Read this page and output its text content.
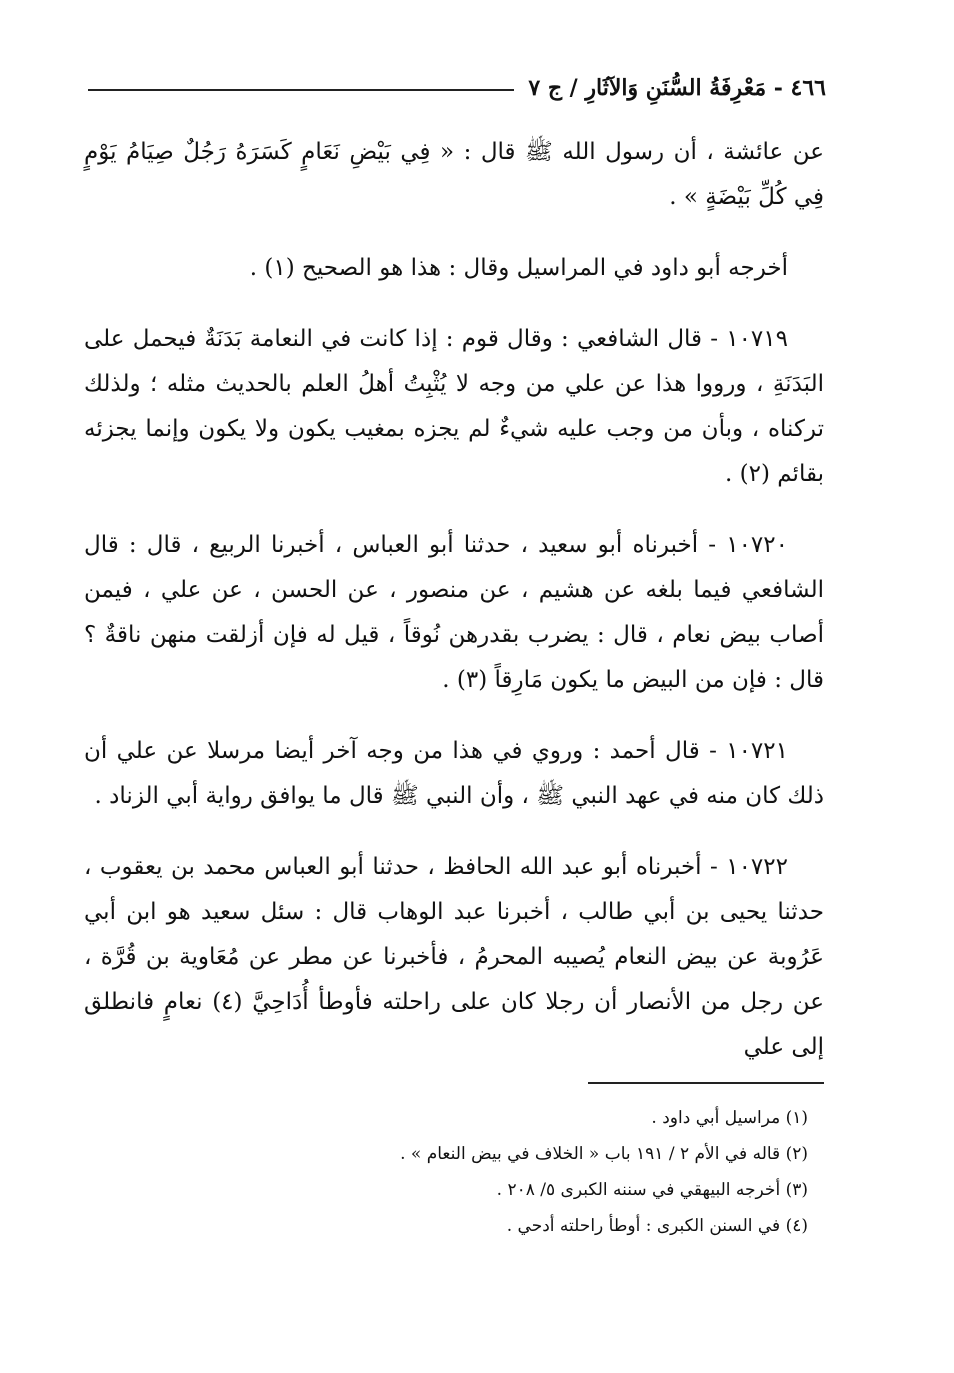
٤٦٦ - مَعْرِفَةُ السُّنَنِ وَالآثَارِ / ج ٧

عن عائشة ، أن رسول الله ﷺ قال : « فِي بَيْضِ نَعَامٍ كَسَرَهُ رَجُلٌ صِيَامُ يَوْمٍ فِي كُلِّ بَيْضَةٍ » .

أخرجه أبو داود في المراسيل وقال : هذا هو الصحيح (١) .

١٠٧١٩ - قال الشافعي : وقال قوم : إذا كانت في النعامة بَدَنَةٌ فيحمل على البَدَنَةِ ، ورووا هذا عن علي من وجه لا يُثْبِتُ أهلُ العلم بالحديث مثله ؛ ولذلك تركناه ، وبأن من وجب عليه شيءٌ لم يجزه بمغيب يكون ولا يكون وإنما يجزئه بقائم (٢) .

١٠٧٢٠ - أخبرناه أبو سعيد ، حدثنا أبو العباس ، أخبرنا الربيع ، قال : قال الشافعي فيما بلغه عن هشيم ، عن منصور ، عن الحسن ، عن علي ، فيمن أصاب بيض نعام ، قال : يضرب بقدرهن نُوقاً ، قيل له فإن أزلقت منهن ناقةٌ ؟ قال : فإن من البيض ما يكون مَارِقاً (٣) .

١٠٧٢١ - قال أحمد : وروي في هذا من وجه آخر أيضا مرسلا عن علي أن ذلك كان منه في عهد النبي ﷺ ، وأن النبي ﷺ قال ما يوافق رواية أبي الزناد .

١٠٧٢٢ - أخبرناه أبو عبد الله الحافظ ، حدثنا أبو العباس محمد بن يعقوب ، حدثنا يحيى بن أبي طالب ، أخبرنا عبد الوهاب قال : سئل سعيد هو ابن أبي عَرُوبة عن بيض النعام يُصيبه المحرمُ ، فأخبرنا عن مطر عن مُعَاوية بن قُرَّة ، عن رجل من الأنصار أن رجلا كان على راحلته فأوطأ أُدَاحِيَّ (٤) نعامٍ فانطلق إلى علي

(١) مراسيل أبي داود .
(٢) قاله في الأم ٢ / ١٩١ باب « الخلاف في بيض النعام » .
(٣) أخرجه البيهقي في سننه الكبرى ٥/ ٢٠٨ .
(٤) في السنن الكبرى : أوطأ راحلته أدحي .
